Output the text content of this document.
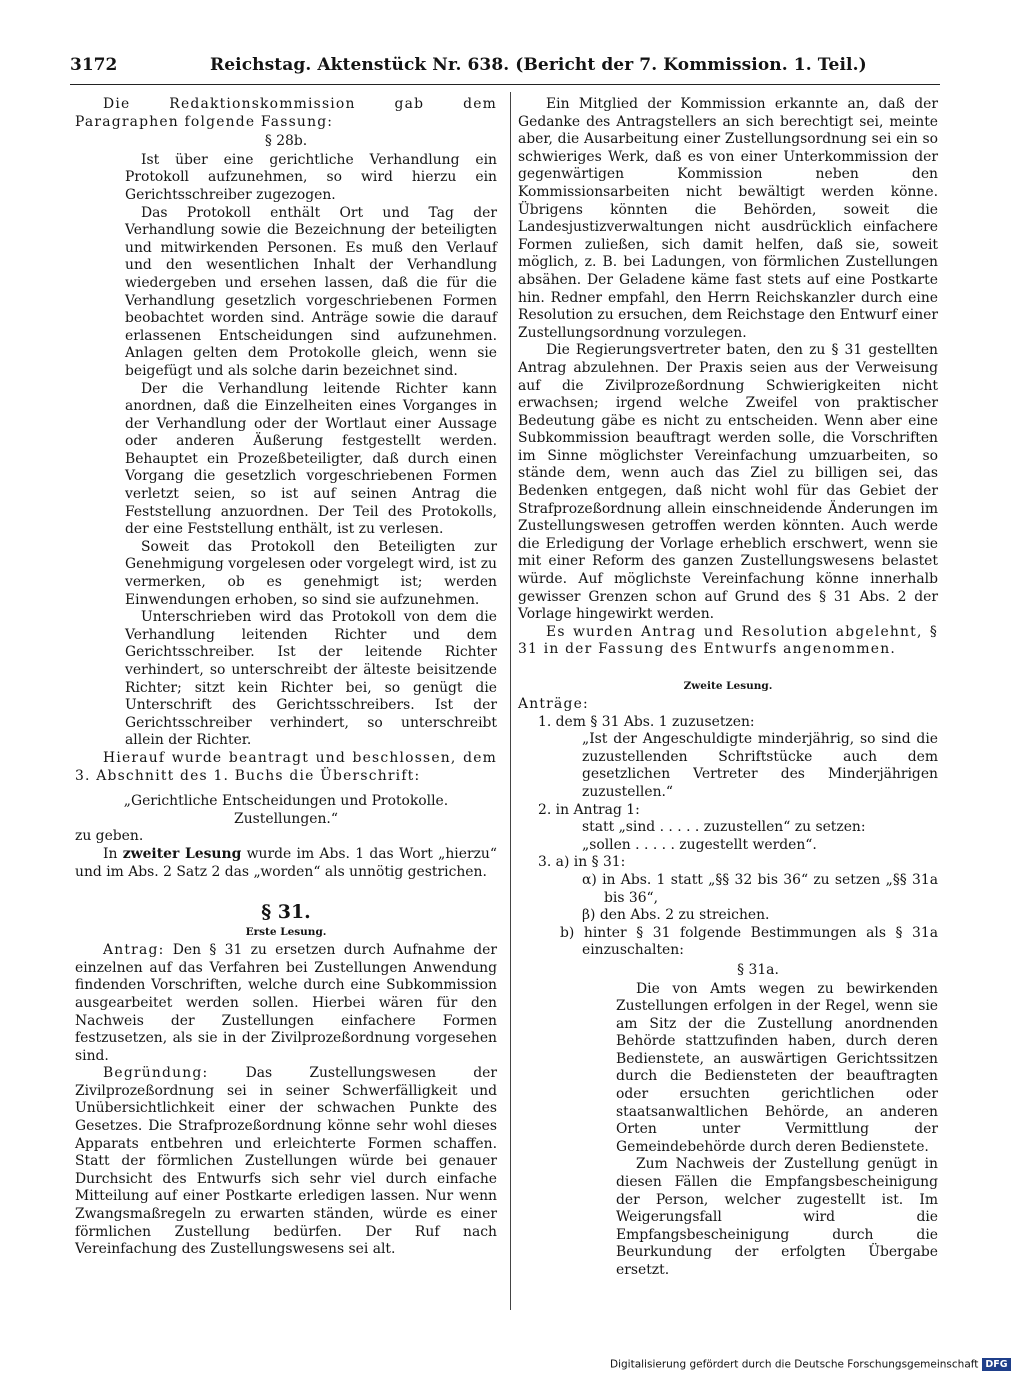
3172	Reichstag. Aktenstück Nr. 638. (Bericht der 7. Kommission. 1. Teil.)

Die Redaktionskommission gab dem Paragraphen folgende Fassung:

§ 28b.

Ist über eine gerichtliche Verhandlung ein Protokoll aufzunehmen, so wird hierzu ein Gerichtsschreiber zugezogen.

Das Protokoll enthält Ort und Tag der Verhandlung sowie die Bezeichnung der beteiligten und mitwirkenden Personen. Es muß den Verlauf und den wesentlichen Inhalt der Verhandlung wiedergeben und ersehen lassen, daß die für die Verhandlung gesetzlich vorgeschriebenen Formen beobachtet worden sind. Anträge sowie die darauf erlassenen Entscheidungen sind aufzunehmen. Anlagen gelten dem Protokolle gleich, wenn sie beigefügt und als solche darin bezeichnet sind.

Der die Verhandlung leitende Richter kann anordnen, daß die Einzelheiten eines Vorganges in der Verhandlung oder der Wortlaut einer Aussage oder anderen Äußerung festgestellt werden. Behauptet ein Prozeßbeteiligter, daß durch einen Vorgang die gesetzlich vorgeschriebenen Formen verletzt seien, so ist auf seinen Antrag die Feststellung anzuordnen. Der Teil des Protokolls, der eine Feststellung enthält, ist zu verlesen.

Soweit das Protokoll den Beteiligten zur Genehmigung vorgelesen oder vorgelegt wird, ist zu vermerken, ob es genehmigt ist; werden Einwendungen erhoben, so sind sie aufzunehmen.

Unterschrieben wird das Protokoll von dem die Verhandlung leitenden Richter und dem Gerichtsschreiber. Ist der leitende Richter verhindert, so unterschreibt der älteste beisitzende Richter; sitzt kein Richter bei, so genügt die Unterschrift des Gerichtsschreibers. Ist der Gerichtsschreiber verhindert, so unterschreibt allein der Richter.

Hierauf wurde beantragt und beschlossen, dem 3. Abschnitt des 1. Buchs die Überschrift:

„Gerichtliche Entscheidungen und Protokolle.

Zustellungen.“

zu geben.

In zweiter Lesung wurde im Abs. 1 das Wort „hierzu“ und im Abs. 2 Satz 2 das „worden“ als unnötig gestrichen.

§ 31.

Erste Lesung.

Antrag: Den § 31 zu ersetzen durch Aufnahme der einzelnen auf das Verfahren bei Zustellungen Anwendung findenden Vorschriften, welche durch eine Subkommission ausgearbeitet werden sollen. Hierbei wären für den Nachweis der Zustellungen einfachere Formen festzusetzen, als sie in der Zivilprozeßordnung vorgesehen sind.

Begründung: Das Zustellungswesen der Zivilprozeßordnung sei in seiner Schwerfälligkeit und Unübersichtlichkeit einer der schwachen Punkte des Gesetzes. Die Strafprozeßordnung könne sehr wohl dieses Apparats entbehren und erleichterte Formen schaffen. Statt der förmlichen Zustellungen würde bei genauer Durchsicht des Entwurfs sich sehr viel durch einfache Mitteilung auf einer Postkarte erledigen lassen. Nur wenn Zwangsmaßregeln zu erwarten ständen, würde es einer förmlichen Zustellung bedürfen. Der Ruf nach Vereinfachung des Zustellungswesens sei alt.

Ein Mitglied der Kommission erkannte an, daß der Gedanke des Antragstellers an sich berechtigt sei, meinte aber, die Ausarbeitung einer Zustellungsordnung sei ein so schwieriges Werk, daß es von einer Unterkommission der gegenwärtigen Kommission neben den Kommissionsarbeiten nicht bewältigt werden könne. Übrigens könnten die Behörden, soweit die Landesjustizverwaltungen nicht ausdrücklich einfachere Formen zuließen, sich damit helfen, daß sie, soweit möglich, z. B. bei Ladungen, von förmlichen Zustellungen absähen. Der Geladene käme fast stets auf eine Postkarte hin. Redner empfahl, den Herrn Reichskanzler durch eine Resolution zu ersuchen, dem Reichstage den Entwurf einer Zustellungsordnung vorzulegen.

Die Regierungsvertreter baten, den zu § 31 gestellten Antrag abzulehnen. Der Praxis seien aus der Verweisung auf die Zivilprozeßordnung Schwierigkeiten nicht erwachsen; irgend welche Zweifel von praktischer Bedeutung gäbe es nicht zu entscheiden. Wenn aber eine Subkommission beauftragt werden solle, die Vorschriften im Sinne möglichster Vereinfachung umzuarbeiten, so stände dem, wenn auch das Ziel zu billigen sei, das Bedenken entgegen, daß nicht wohl für das Gebiet der Strafprozeßordnung allein einschneidende Änderungen im Zustellungswesen getroffen werden könnten. Auch werde die Erledigung der Vorlage erheblich erschwert, wenn sie mit einer Reform des ganzen Zustellungswesens belastet würde. Auf möglichste Vereinfachung könne innerhalb gewisser Grenzen schon auf Grund des § 31 Abs. 2 der Vorlage hingewirkt werden.

Es wurden Antrag und Resolution abgelehnt, § 31 in der Fassung des Entwurfs angenommen.

Zweite Lesung.

Anträge:

1. dem § 31 Abs. 1 zuzusetzen:

„Ist der Angeschuldigte minderjährig, so sind die zuzustellenden Schriftstücke auch dem gesetzlichen Vertreter des Minderjährigen zuzustellen.“

2. in Antrag 1:

statt „sind . . . . . zuzustellen“ zu setzen:

„sollen . . . . . zugestellt werden“.

3. a) in § 31:

α) in Abs. 1 statt „§§ 32 bis 36“ zu setzen „§§ 31a bis 36“,

β) den Abs. 2 zu streichen.

b) hinter § 31 folgende Bestimmungen als § 31a einzuschalten:

§ 31a.

Die von Amts wegen zu bewirkenden Zustellungen erfolgen in der Regel, wenn sie am Sitz der die Zustellung anordnenden Behörde stattzufinden haben, durch deren Bedienstete, an auswärtigen Gerichtssitzen durch die Bediensteten der beauftragten oder ersuchten gerichtlichen oder staatsanwaltlichen Behörde, an anderen Orten unter Vermittlung der Gemeindebehörde durch deren Bedienstete.

Zum Nachweis der Zustellung genügt in diesen Fällen die Empfangsbescheinigung der Person, welcher zugestellt ist. Im Weigerungsfall wird die Empfangsbescheinigung durch die Beurkundung der erfolgten Übergabe ersetzt.

Digitalisierung gefördert durch die Deutsche Forschungsgemeinschaft DFG
